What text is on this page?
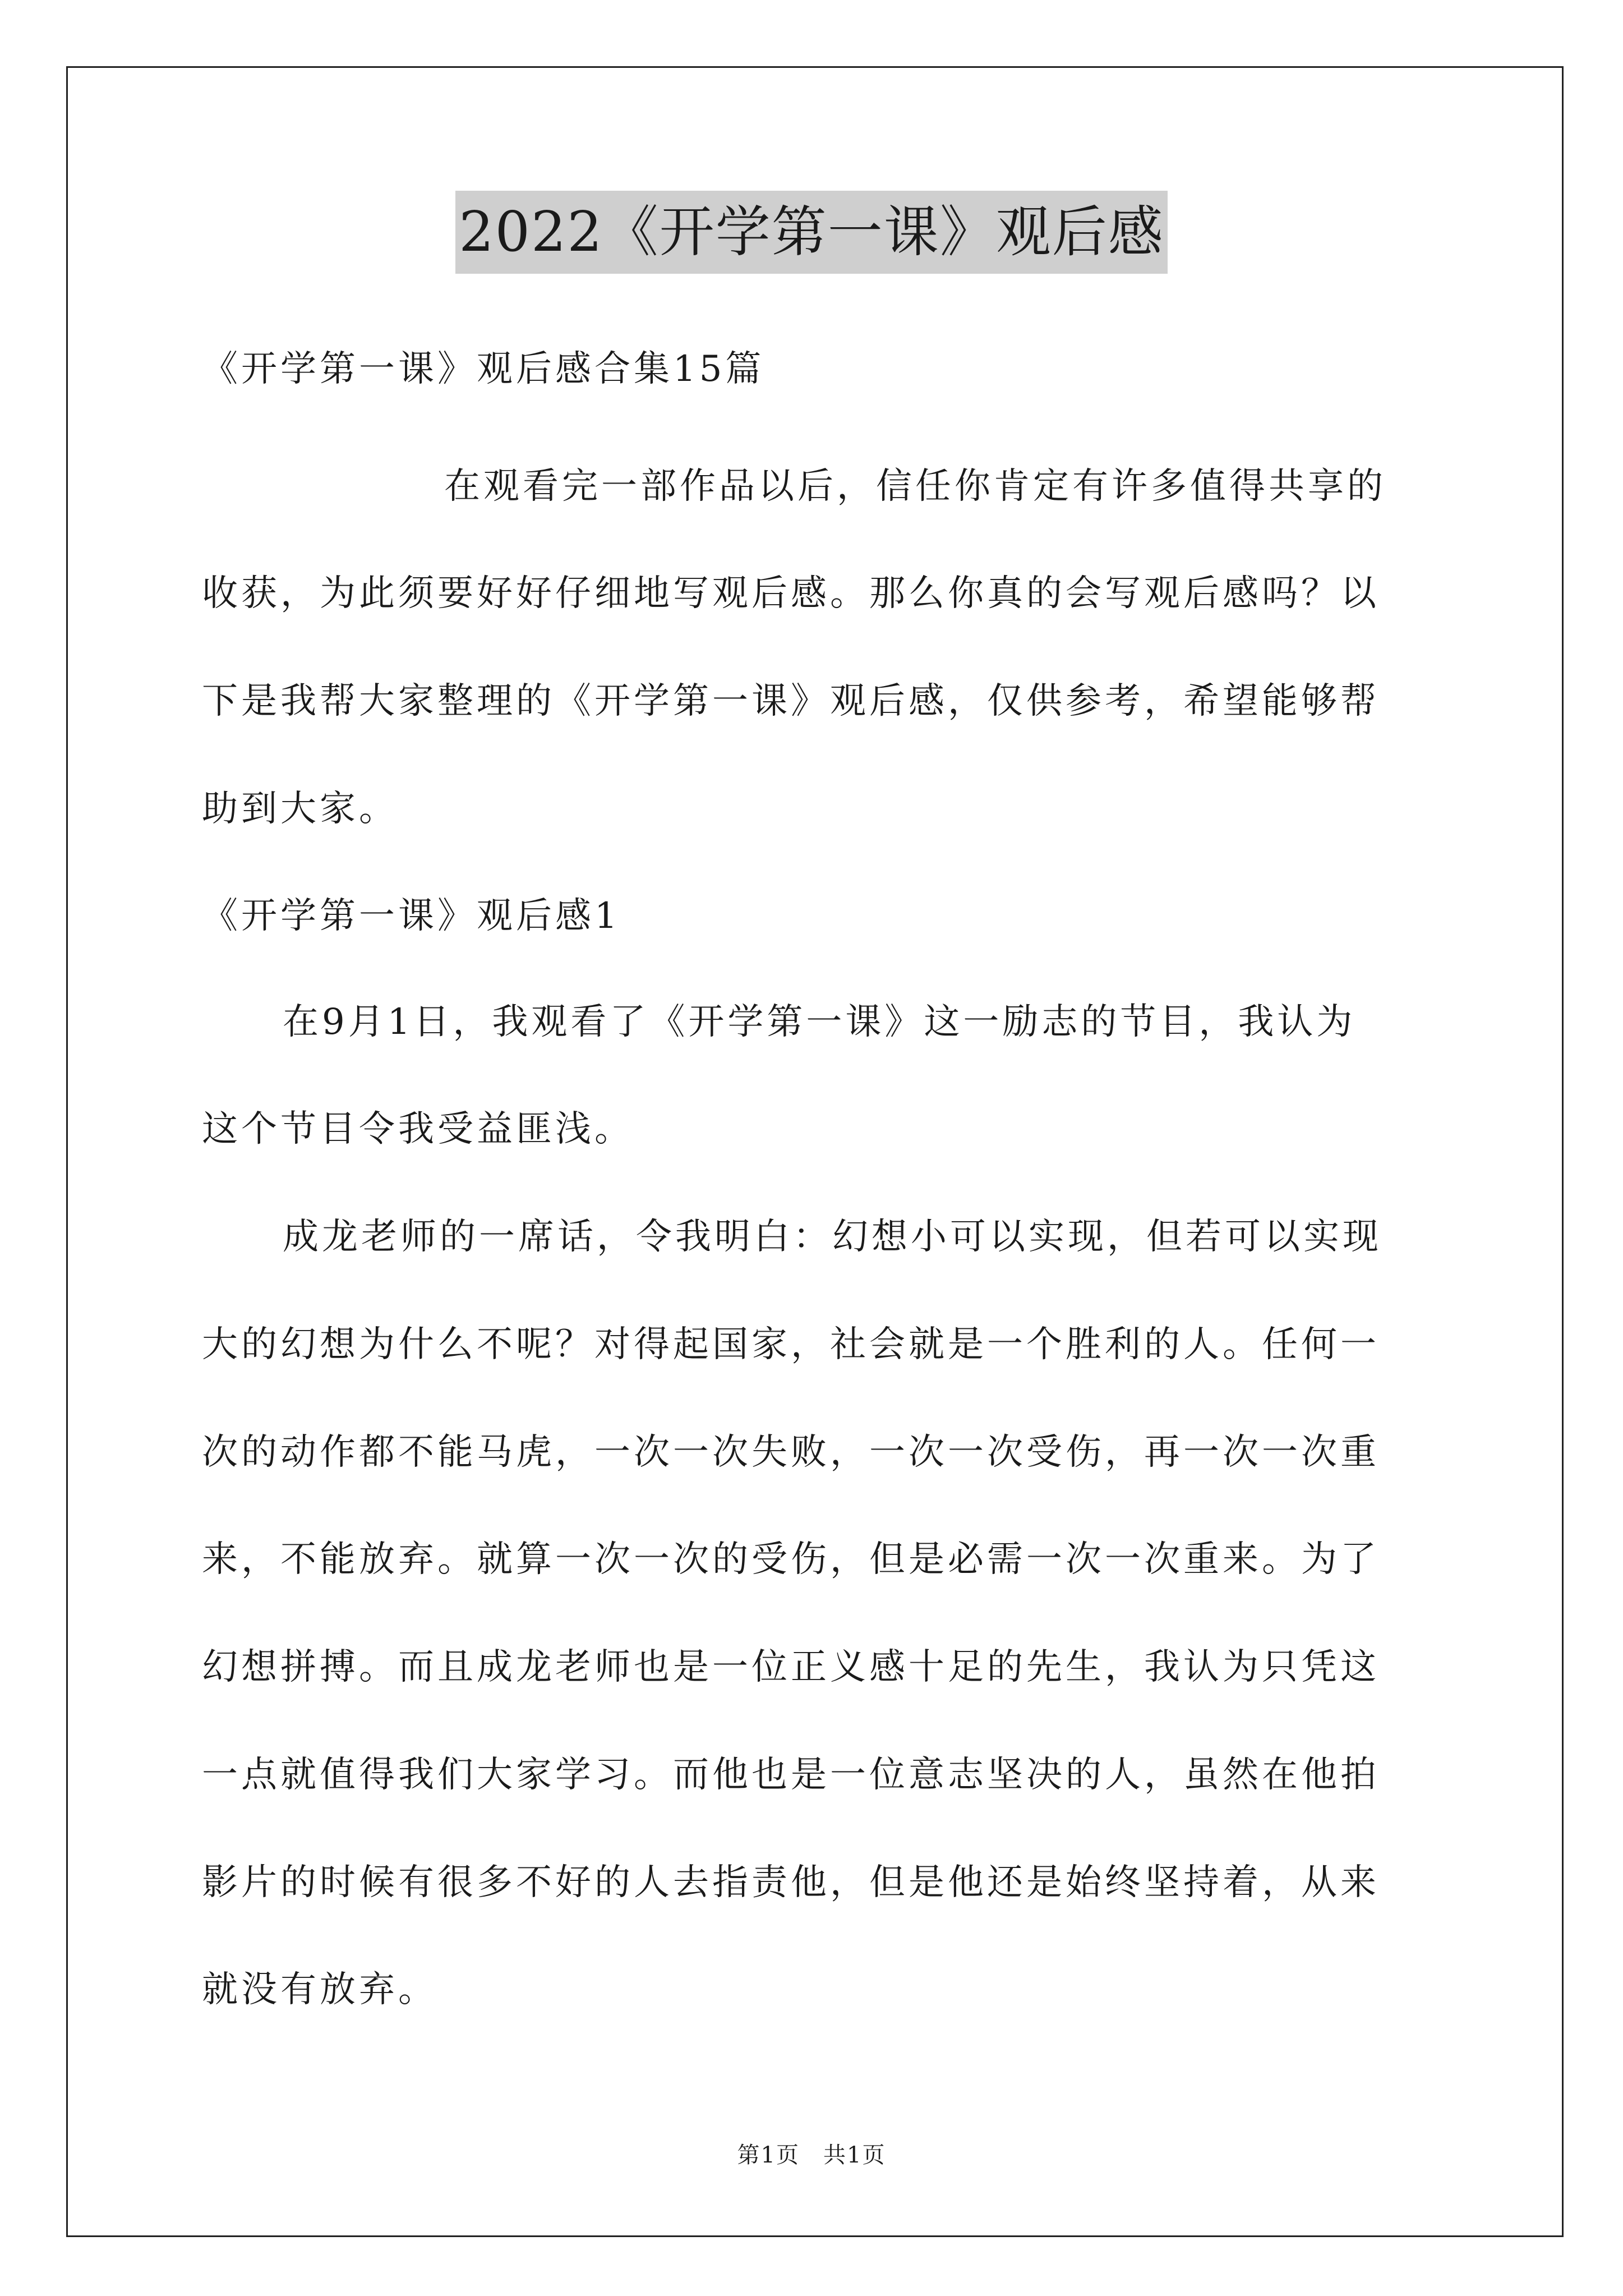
2022《开学第一课》观后感
《开学第一课》观后感合集15篇
在观看完一部作品以后，信任你肯定有许多值得共享的
收获，为此须要好好仔细地写观后感。那么你真的会写观后感吗？以
下是我帮大家整理的《开学第一课》观后感，仅供参考，希望能够帮
助到大家。
《开学第一课》观后感1
在9月1日，我观看了《开学第一课》这一励志的节目，我认为
这个节目令我受益匪浅。
成龙老师的一席话，令我明白：幻想小可以实现，但若可以实现
大的幻想为什么不呢？对得起国家，社会就是一个胜利的人。任何一
次的动作都不能马虎，一次一次失败，一次一次受伤，再一次一次重
来，不能放弃。就算一次一次的受伤，但是必需一次一次重来。为了
幻想拼搏。而且成龙老师也是一位正义感十足的先生，我认为只凭这
一点就值得我们大家学习。而他也是一位意志坚决的人，虽然在他拍
影片的时候有很多不好的人去指责他，但是他还是始终坚持着，从来
就没有放弃。
第1页　共1页
